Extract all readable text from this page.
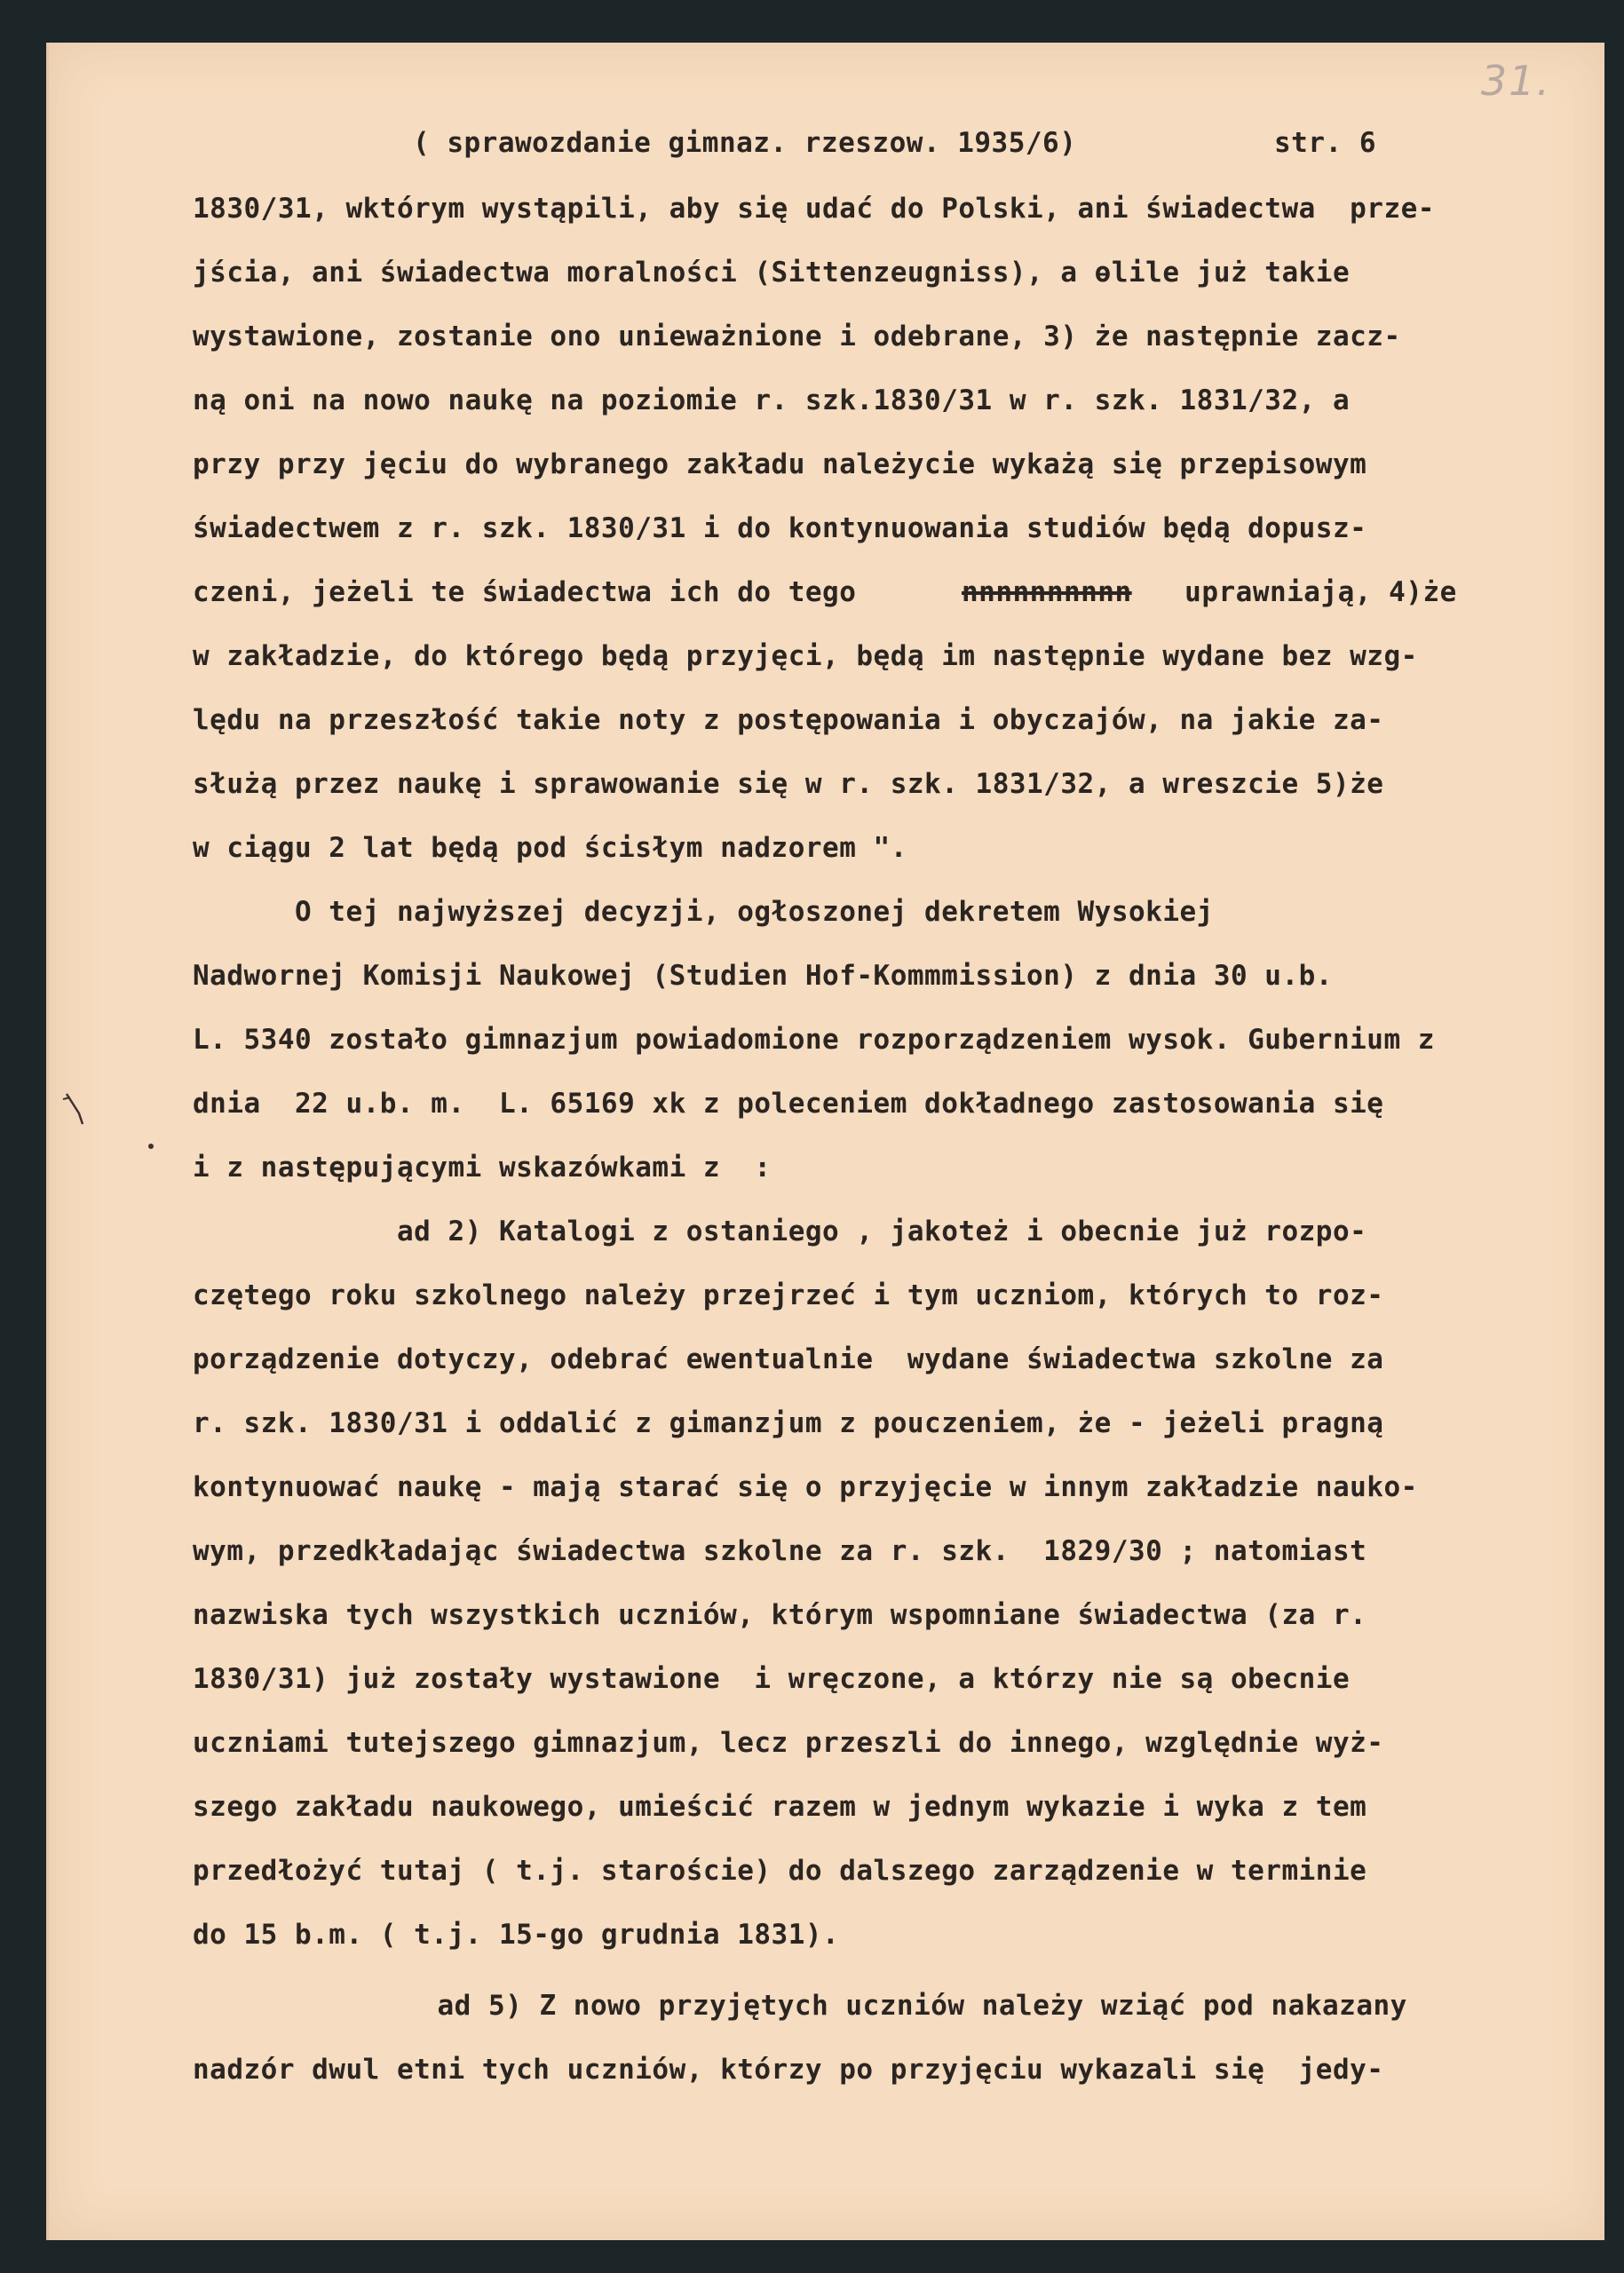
31.

( sprawozdanie gimnaz. rzeszow. 1935/6)

	str. 6

1830/31, wktórym wystąpili, aby się udać do Polski, ani świadectwa  prze-

jścia, ani świadectwa moralności (Sittenzeugniss), a ѳlile już takie

wystawione, zostanie ono unieważnione i odebrane, 3) że następnie zacz-

ną oni na nowo naukę na poziomie r. szk.1830/31 w r. szk. 1831/32, a

przy przy jęciu do wybranego zakładu należycie wykażą się przepisowym

świadectwem z r. szk. 1830/31 i do kontynuowania studiów będą dopusz-

czeni, jeżeli te świadectwa ich do tego

	nnnnnnnnnn

uprawniają, 4)że

w zakładzie, do którego będą przyjęci, będą im następnie wydane bez wzg-

lędu na przeszłość takie noty z postępowania i obyczajów, na jakie za-

służą przez naukę i sprawowanie się w r. szk. 1831/32, a wreszcie 5)że

w ciągu 2 lat będą pod ścisłym nadzorem ".

O tej najwyższej decyzji, ogłoszonej dekretem Wysokiej

Nadwornej Komisji Naukowej (Studien Hof-Kommmission) z dnia 30 u.b.

L. 5340 zostało gimnazjum powiadomione rozporządzeniem wysok. Gubernium z

dnia  22 u.b. m.  L. 65169 xk z poleceniem dokładnego zastosowania się

i z następującymi wskazówkami z  :

ad 2) Katalogi z ostaniego , jakoteż i obecnie już rozpo-

czętego roku szkolnego należy przejrzeć i tym uczniom, których to roz-

porządzenie dotyczy, odebrać ewentualnie  wydane świadectwa szkolne za

r. szk. 1830/31 i oddalić z gimanzjum z pouczeniem, że - jeżeli pragną

kontynuować naukę - mają starać się o przyjęcie w innym zakładzie nauko-

wym, przedkładając świadectwa szkolne za r. szk.  1829/30 ; natomiast

nazwiska tych wszystkich uczniów, którym wspomniane świadectwa (za r.

1830/31) już zostały wystawione  i wręczone, a którzy nie są obecnie

uczniami tutejszego gimnazjum, lecz przeszli do innego, względnie wyż-

szego zakładu naukowego, umieścić razem w jednym wykazie i wyka z tem

przedłożyć tutaj ( t.j. staroście) do dalszego zarządzenie w terminie

do 15 b.m. ( t.j. 15-go grudnia 1831).

ad 5) Z nowo przyjętych uczniów należy wziąć pod nakazany

nadzór dwul etni tych uczniów, którzy po przyjęciu wykazali się  jedy-
